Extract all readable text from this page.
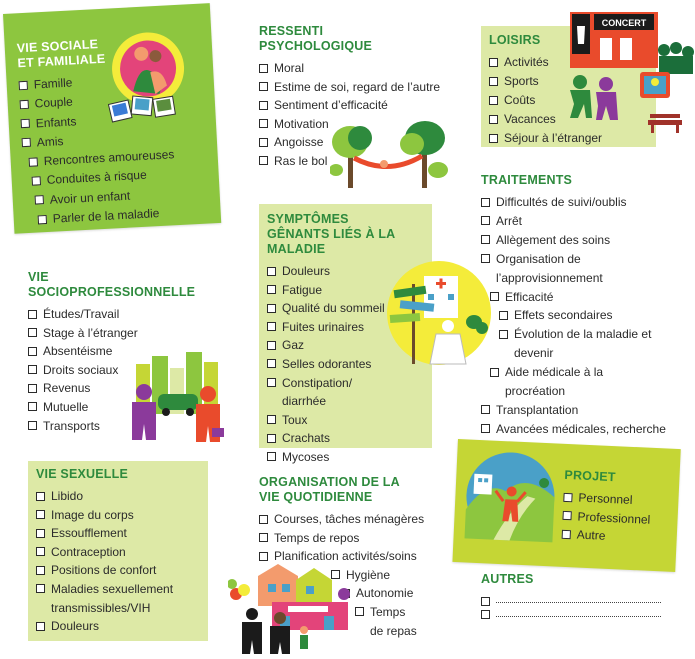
VIE SOCIALE ET FAMILIALE
Famille
Couple
Enfants
Amis
Rencontres amoureuses
Conduites à risque
Avoir un enfant
Parler de la maladie
RESSENTI PSYCHOLOGIQUE
Moral
Estime de soi, regard de l’autre
Sentiment d’efficacité
Motivation
Angoisse
Ras le bol
LOISIRS
Activités
Sports
Coûts
Vacances
Séjour à l’étranger
CONCERT
TRAITEMENTS
Difficultés de suivi/oublis
Arrêt
Allègement des soins
Organisation de l’approvisionnement
Efficacité
Effets secondaires
Évolution de la maladie et devenir
Aide médicale à la procréation
Transplantation
Avancées médicales, recherche
SYMPTÔMES GÊNANTS LIÉS À LA MALADIE
Douleurs
Fatigue
Qualité du sommeil
Fuites urinaires
Gaz
Selles odorantes
Constipation/ diarrhée
Toux
Crachats
Mycoses
VIE SOCIOPROFESSIONNELLE
Études/Travail
Stage à l’étranger
Absentéisme
Droits sociaux
Revenus
Mutuelle
Transports
VIE SEXUELLE
Libido
Image du corps
Essoufflement
Contraception
Positions de confort
Maladies sexuellement transmissibles/VIH
Douleurs
ORGANISATION DE LA VIE QUOTIDIENNE
Courses, tâches ménagères
Temps de repos
Planification activités/soins
Hygiène
Autonomie
Temps de repas
PROJET
Personnel
Professionnel
Autre
AUTRES
